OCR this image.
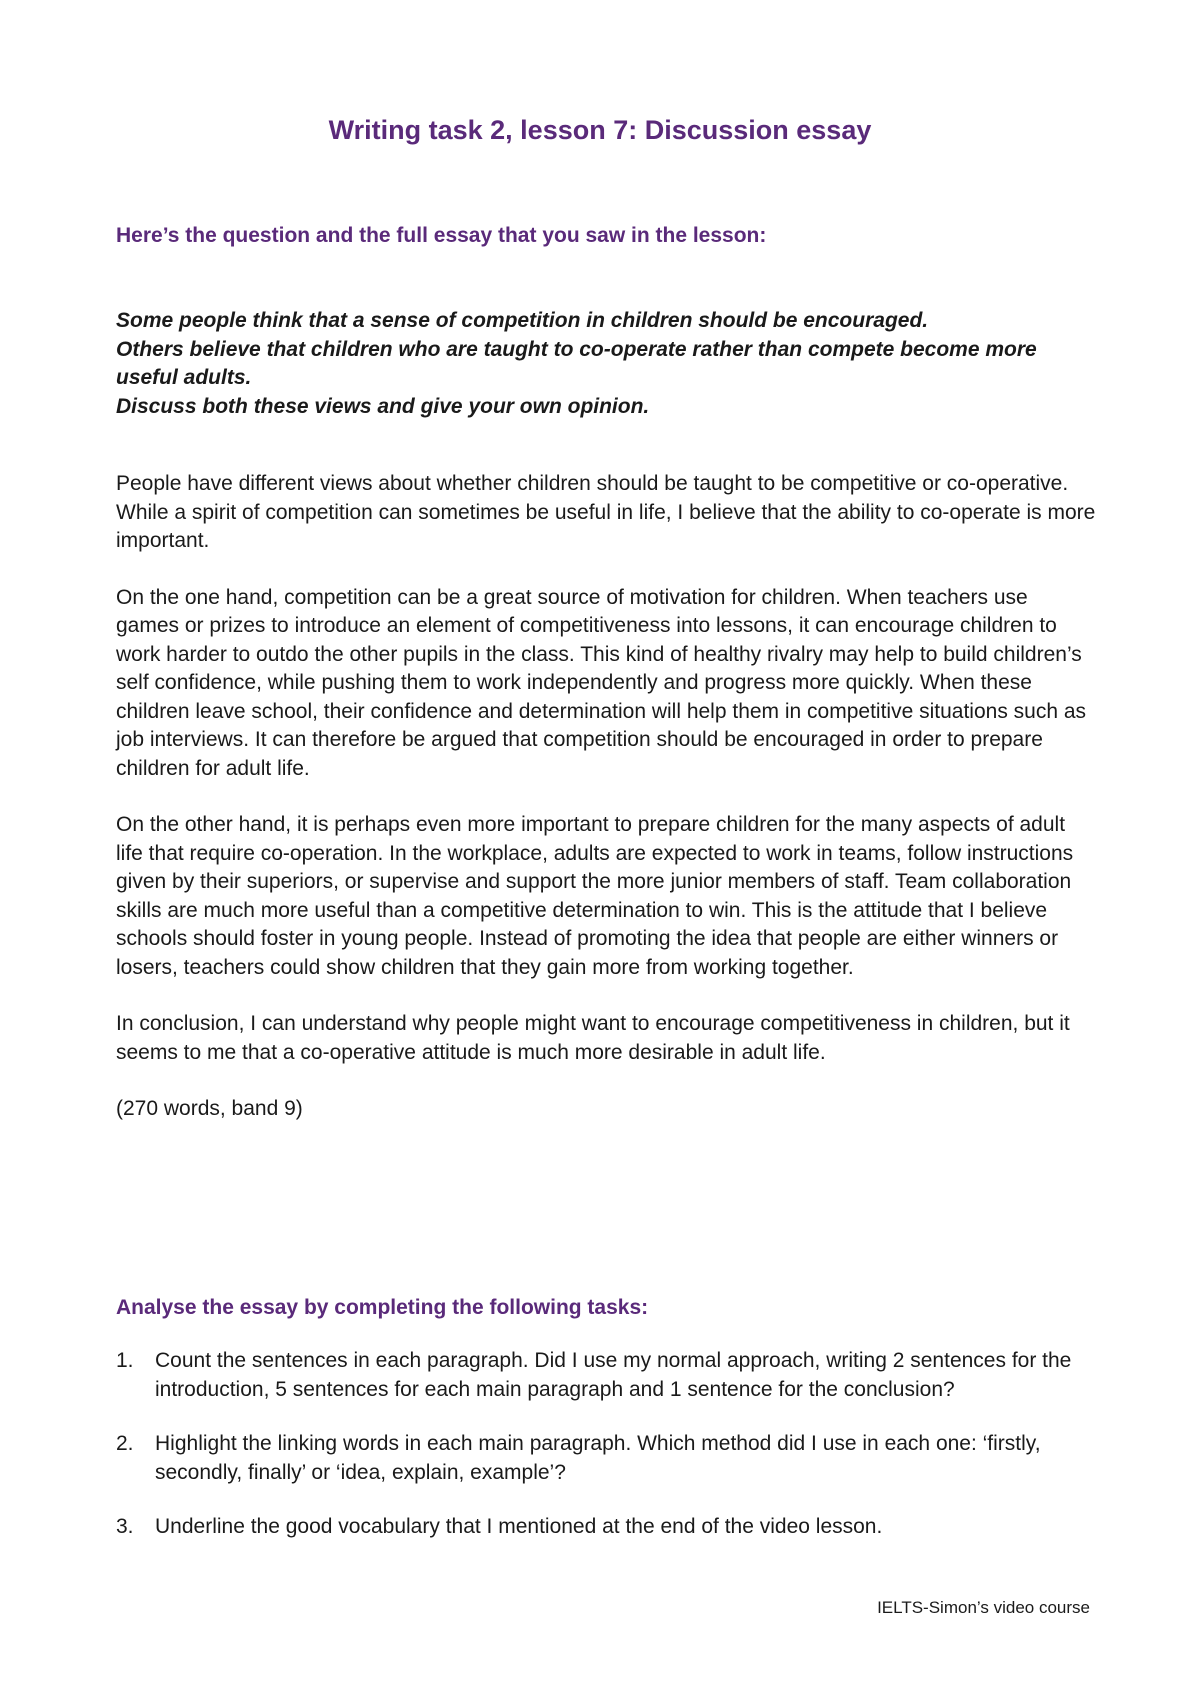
Writing task 2, lesson 7: Discussion essay
Here’s the question and the full essay that you saw in the lesson:
Some people think that a sense of competition in children should be encouraged.
Others believe that children who are taught to co-operate rather than compete become more useful adults.
Discuss both these views and give your own opinion.

People have different views about whether children should be taught to be competitive or co-operative. While a spirit of competition can sometimes be useful in life, I believe that the ability to co-operate is more important.

On the one hand, competition can be a great source of motivation for children. When teachers use games or prizes to introduce an element of competitiveness into lessons, it can encourage children to work harder to outdo the other pupils in the class. This kind of healthy rivalry may help to build children’s self confidence, while pushing them to work independently and progress more quickly. When these children leave school, their confidence and determination will help them in competitive situations such as job interviews. It can therefore be argued that competition should be encouraged in order to prepare children for adult life.

On the other hand, it is perhaps even more important to prepare children for the many aspects of adult life that require co-operation. In the workplace, adults are expected to work in teams, follow instructions given by their superiors, or supervise and support the more junior members of staff. Team collaboration skills are much more useful than a competitive determination to win. This is the attitude that I believe schools should foster in young people. Instead of promoting the idea that people are either winners or losers, teachers could show children that they gain more from working together.

In conclusion, I can understand why people might want to encourage competitiveness in children, but it seems to me that a co-operative attitude is much more desirable in adult life.

(270 words, band 9)

Analyse the essay by completing the following tasks:
1. Count the sentences in each paragraph. Did I use my normal approach, writing 2 sentences for the introduction, 5 sentences for each main paragraph and 1 sentence for the conclusion?
2. Highlight the linking words in each main paragraph. Which method did I use in each one: ‘firstly, secondly, finally’ or ‘idea, explain, example’?
3. Underline the good vocabulary that I mentioned at the end of the video lesson.

IELTS-Simon’s video course
